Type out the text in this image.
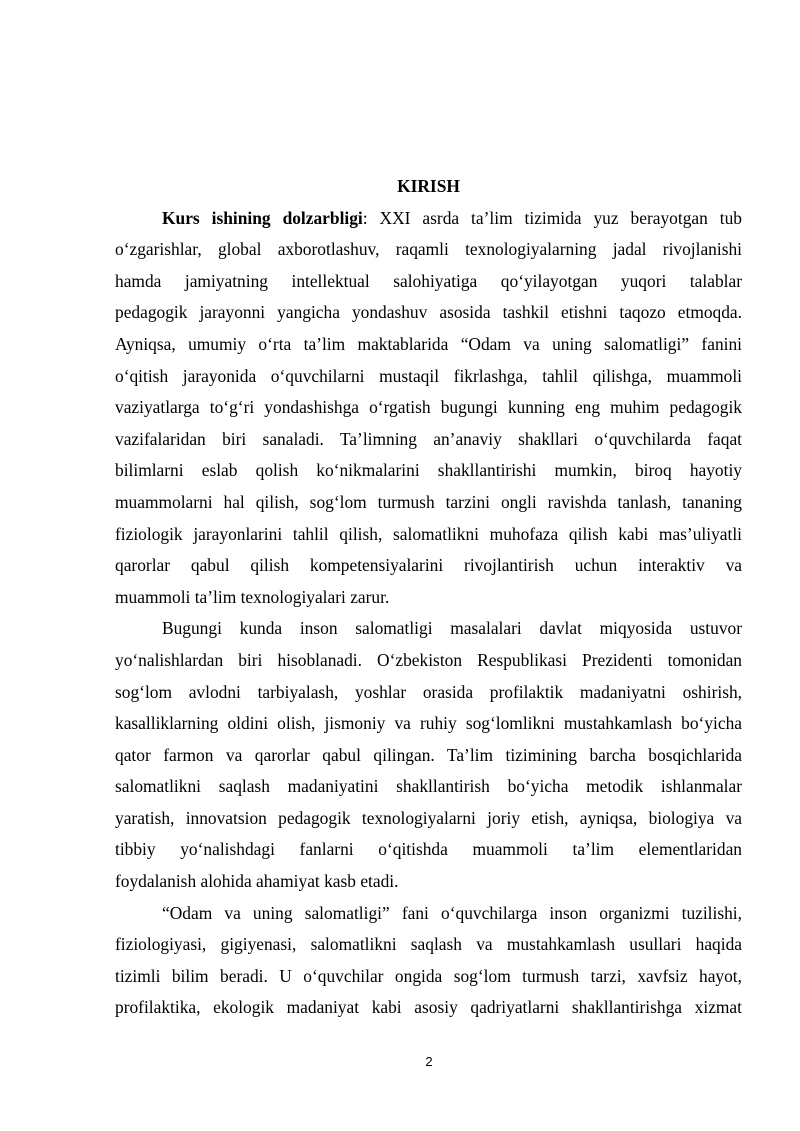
KIRISH
Kurs ishining dolzarbligi: XXI asrda ta’lim tizimida yuz berayotgan tub
o‘zgarishlar, global axborotlashuv, raqamli texnologiyalarning jadal rivojlanishi
hamda jamiyatning intellektual salohiyatiga qo‘yilayotgan yuqori talablar
pedagogik jarayonni yangicha yondashuv asosida tashkil etishni taqozo etmoqda.
Ayniqsa, umumiy o‘rta ta’lim maktablarida “Odam va uning salomatligi” fanini
o‘qitish jarayonida o‘quvchilarni mustaqil fikrlashga, tahlil qilishga, muammoli
vaziyatlarga to‘g‘ri yondashishga o‘rgatish bugungi kunning eng muhim pedagogik
vazifalaridan biri sanaladi. Ta’limning an’anaviy shakllari o‘quvchilarda faqat
bilimlarni eslab qolish ko‘nikmalarini shakllantirishi mumkin, biroq hayotiy
muammolarni hal qilish, sog‘lom turmush tarzini ongli ravishda tanlash, tananing
fiziologik jarayonlarini tahlil qilish, salomatlikni muhofaza qilish kabi mas’uliyatli
qarorlar qabul qilish kompetensiyalarini rivojlantirish uchun interaktiv va
muammoli ta’lim texnologiyalari zarur.
Bugungi kunda inson salomatligi masalalari davlat miqyosida ustuvor
yo‘nalishlardan biri hisoblanadi. O‘zbekiston Respublikasi Prezidenti tomonidan
sog‘lom avlodni tarbiyalash, yoshlar orasida profilaktik madaniyatni oshirish,
kasalliklarning oldini olish, jismoniy va ruhiy sog‘lomlikni mustahkamlash bo‘yicha
qator farmon va qarorlar qabul qilingan. Ta’lim tizimining barcha bosqichlarida
salomatlikni saqlash madaniyatini shakllantirish bo‘yicha metodik ishlanmalar
yaratish, innovatsion pedagogik texnologiyalarni joriy etish, ayniqsa, biologiya va
tibbiy yo‘nalishdagi fanlarni o‘qitishda muammoli ta’lim elementlaridan
foydalanish alohida ahamiyat kasb etadi.
“Odam va uning salomatligi” fani o‘quvchilarga inson organizmi tuzilishi,
fiziologiyasi, gigiyenasi, salomatlikni saqlash va mustahkamlash usullari haqida
tizimli bilim beradi. U o‘quvchilar ongida sog‘lom turmush tarzi, xavfsiz hayot,
profilaktika, ekologik madaniyat kabi asosiy qadriyatlarni shakllantirishga xizmat
2
